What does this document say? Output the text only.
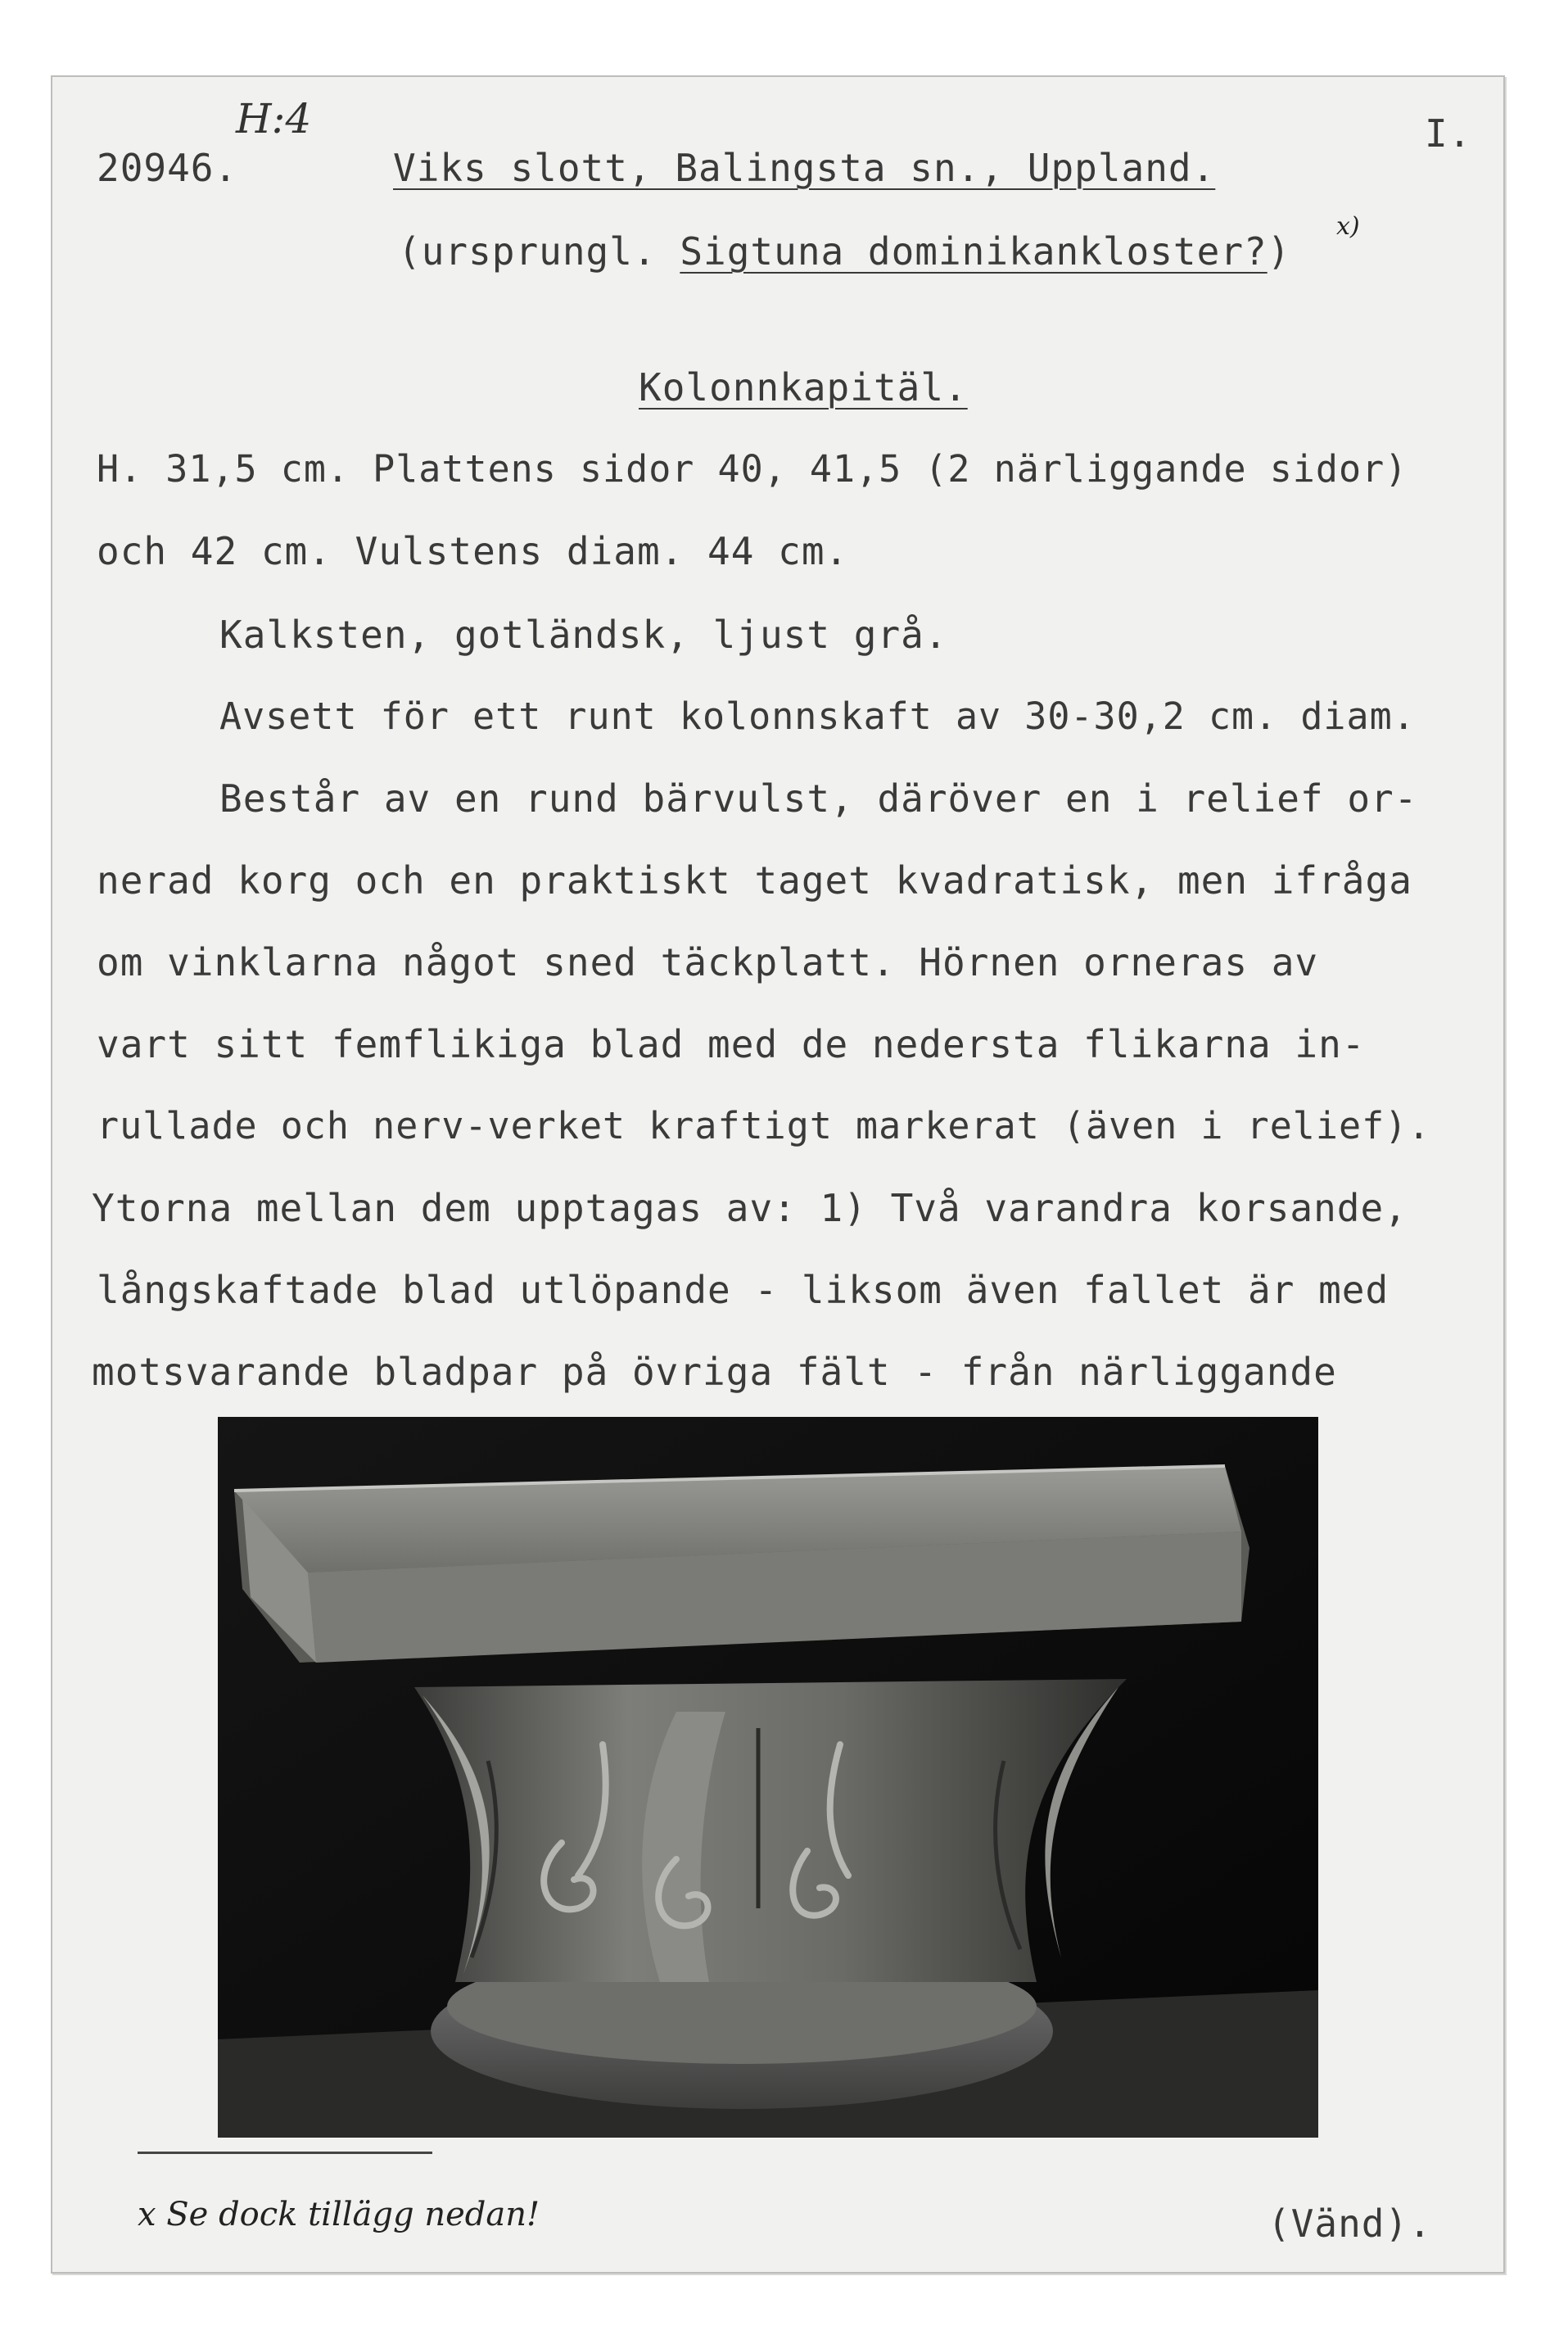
H:4
20946.	Viks slott, Balingsta sn., Uppland.
I.
(ursprungl. Sigtuna dominikankloster?)
x)
Kolonnkapitäl.
H. 31,5 cm. Plattens sidor 40, 41,5 (2 närliggande sidor)
och 42 cm. Vulstens diam. 44 cm.
Kalksten, gotländsk, ljust grå.
Avsett för ett runt kolonnskaft av 30-30,2 cm. diam.
Består av en rund bärvulst, däröver en i relief or-
nerad korg och en praktiskt taget kvadratisk, men ifråga
om vinklarna något sned täckplatt. Hörnen orneras av
vart sitt femflikiga blad med de nedersta flikarna in-
rullade och nerv-verket kraftigt markerat (även i relief).
Ytorna mellan dem upptagas av: 1) Två varandra korsande,
långskaftade blad utlöpande - liksom även fallet är med
motsvarande bladpar på övriga fält - från närliggande
x Se dock tillägg nedan!	(Vänd).
